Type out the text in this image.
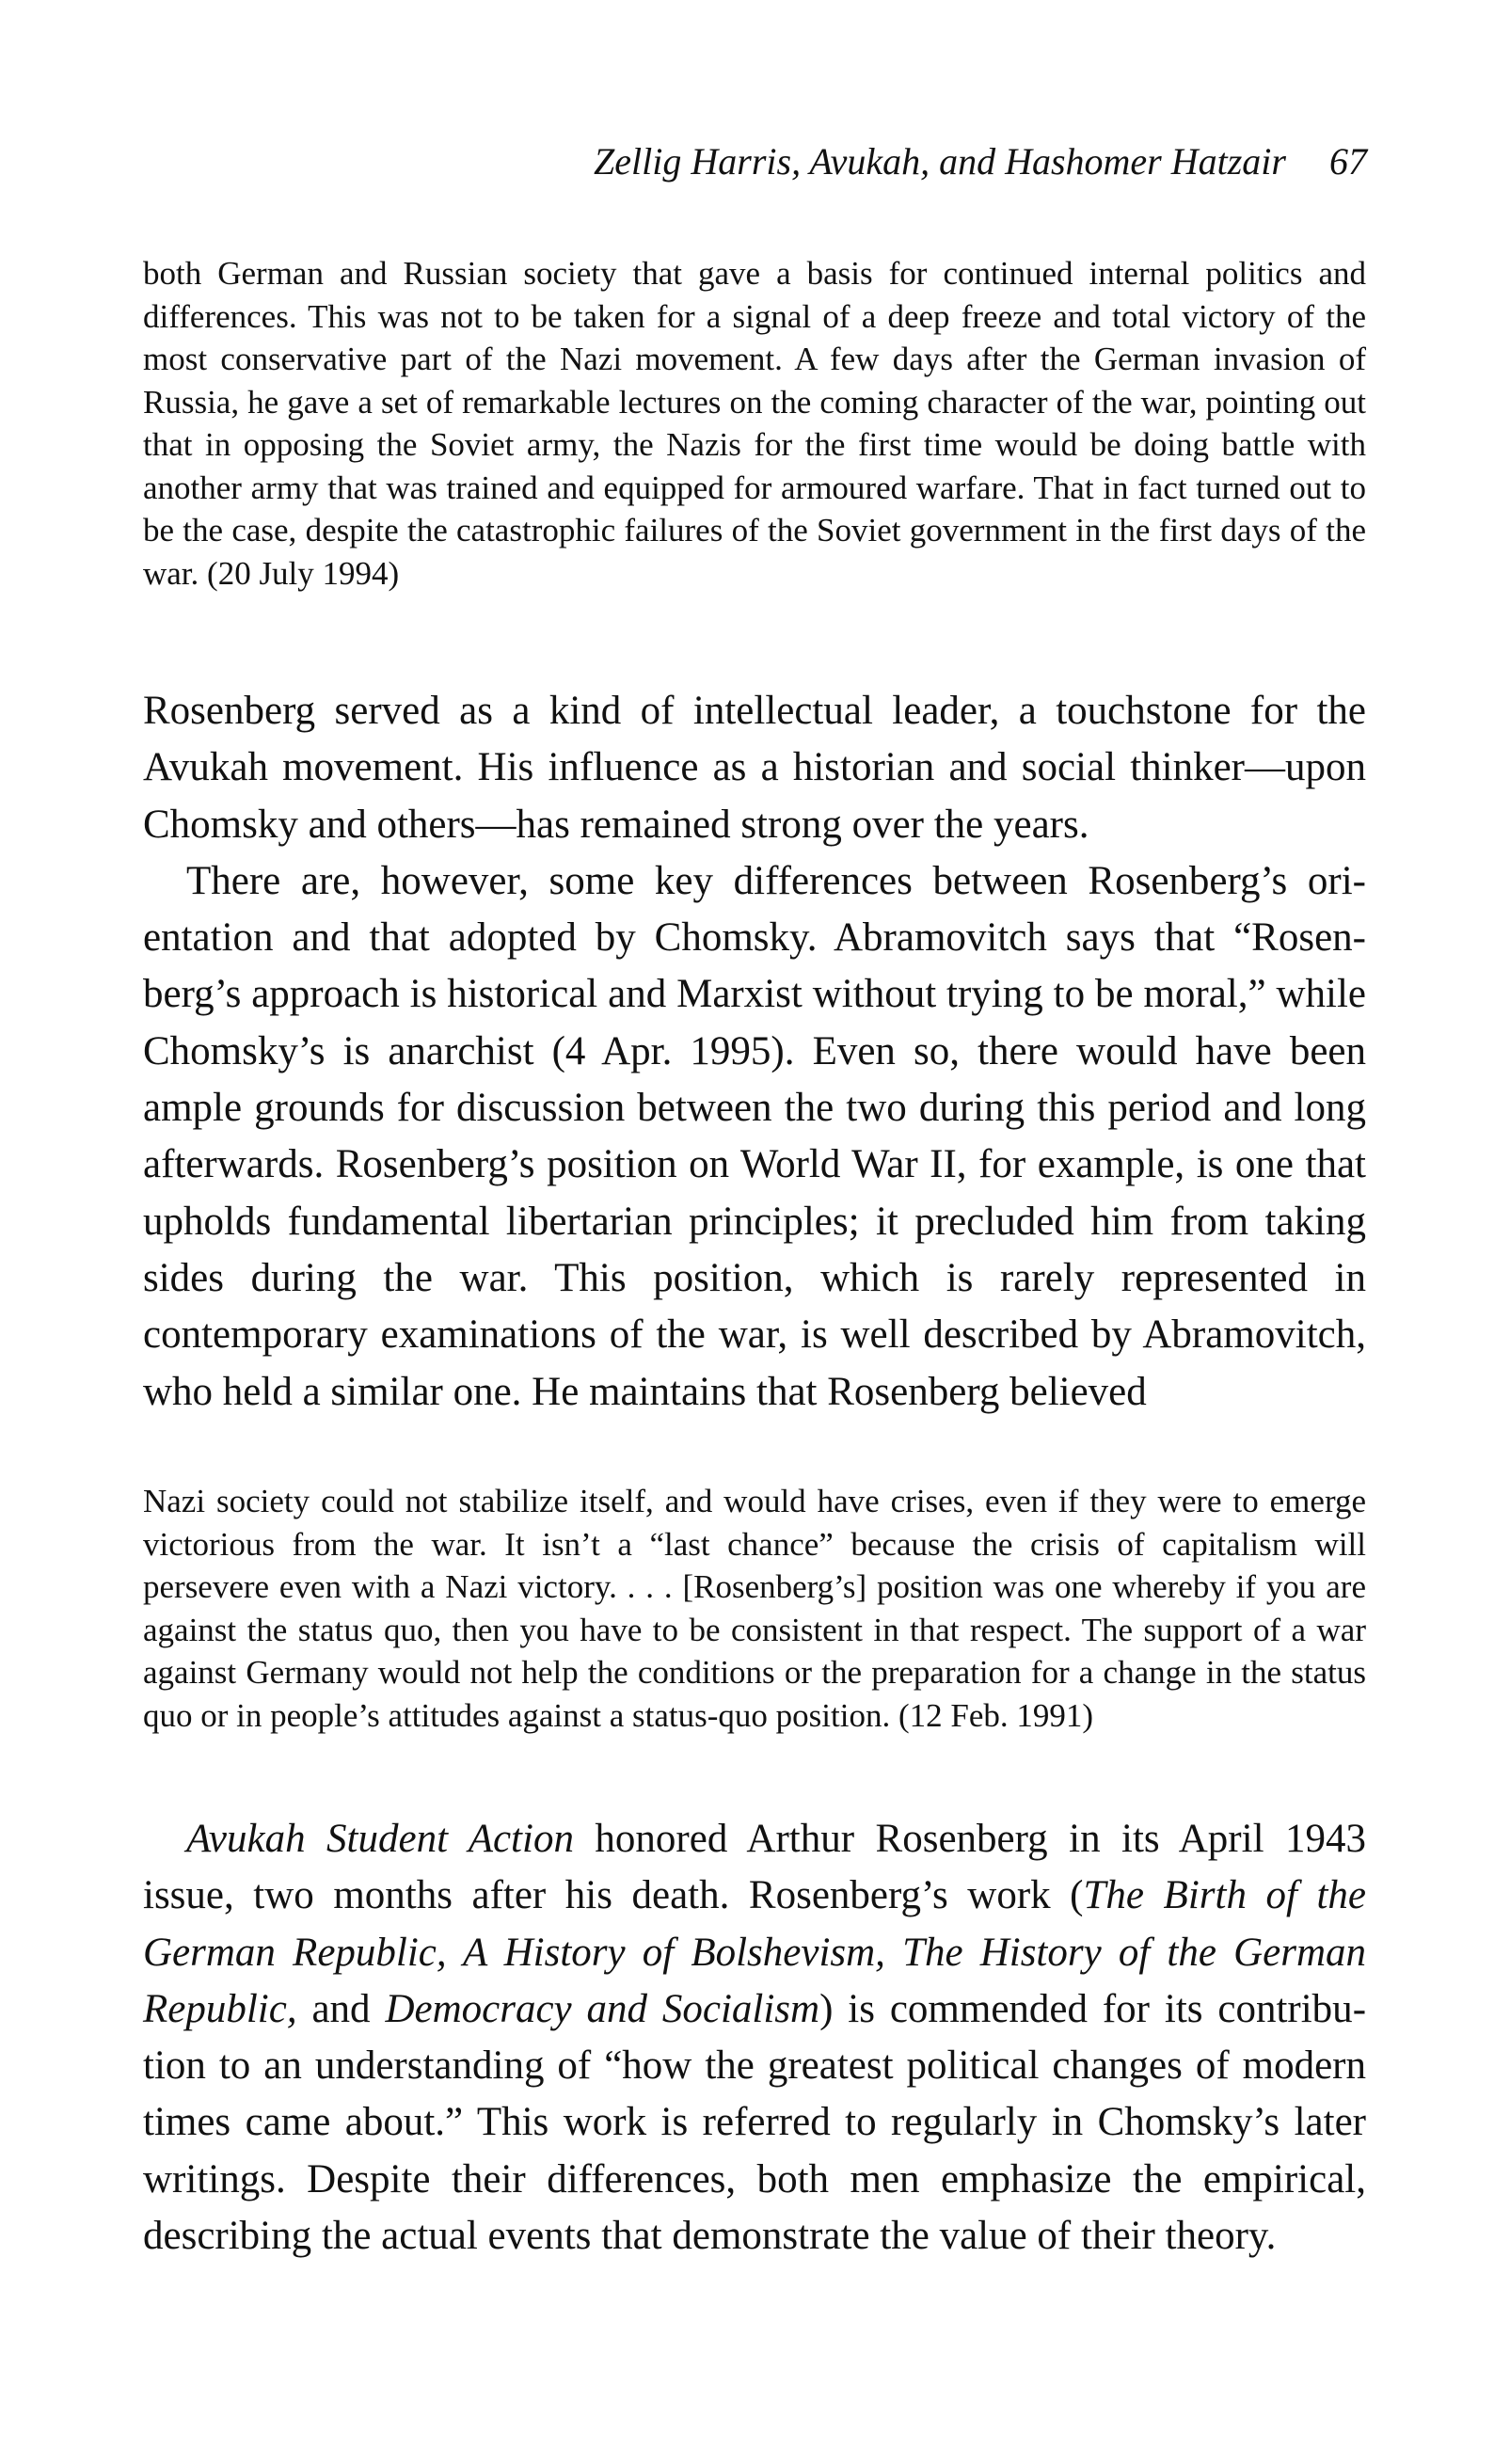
Zellig Harris, Avukah, and Hashomer Hatzair 67

both German and Russian society that gave a basis for continued internal politics and differences. This was not to be taken for a signal of a deep freeze and total victory of the most conservative part of the Nazi movement. A few days after the German invasion of Russia, he gave a set of remarkable lectures on the coming character of the war, pointing out that in opposing the Soviet army, the Nazis for the first time would be doing battle with another army that was trained and equipped for armoured warfare. That in fact turned out to be the case, despite the catastrophic failures of the Soviet government in the first days of the war. (20 July 1994)

Rosenberg served as a kind of intellectual leader, a touchstone for the Avukah movement. His influence as a historian and social thinker—upon Chomsky and others—has remained strong over the years.

There are, however, some key differences between Rosenberg’s orientation and that adopted by Chomsky. Abramovitch says that “Rosenberg’s approach is historical and Marxist without trying to be moral,” while Chomsky’s is anarchist (4 Apr. 1995). Even so, there would have been ample grounds for discussion between the two during this period and long afterwards. Rosenberg’s position on World War II, for example, is one that upholds fundamental libertarian principles; it precluded him from taking sides during the war. This position, which is rarely represented in contemporary examinations of the war, is well described by Abramovitch, who held a similar one. He maintains that Rosenberg believed

Nazi society could not stabilize itself, and would have crises, even if they were to emerge victorious from the war. It isn’t a “last chance” because the crisis of capitalism will persevere even with a Nazi victory. . . . [Rosenberg’s] position was one whereby if you are against the status quo, then you have to be consistent in that respect. The support of a war against Germany would not help the conditions or the preparation for a change in the status quo or in people’s attitudes against a status-quo position. (12 Feb. 1991)

Avukah Student Action honored Arthur Rosenberg in its April 1943 issue, two months after his death. Rosenberg’s work (The Birth of the German Republic, A History of Bolshevism, The History of the German Republic, and Democracy and Socialism) is commended for its contribution to an understanding of “how the greatest political changes of modern times came about.” This work is referred to regularly in Chomsky’s later writings. Despite their differences, both men emphasize the empirical, describing the actual events that demonstrate the value of their theory.
